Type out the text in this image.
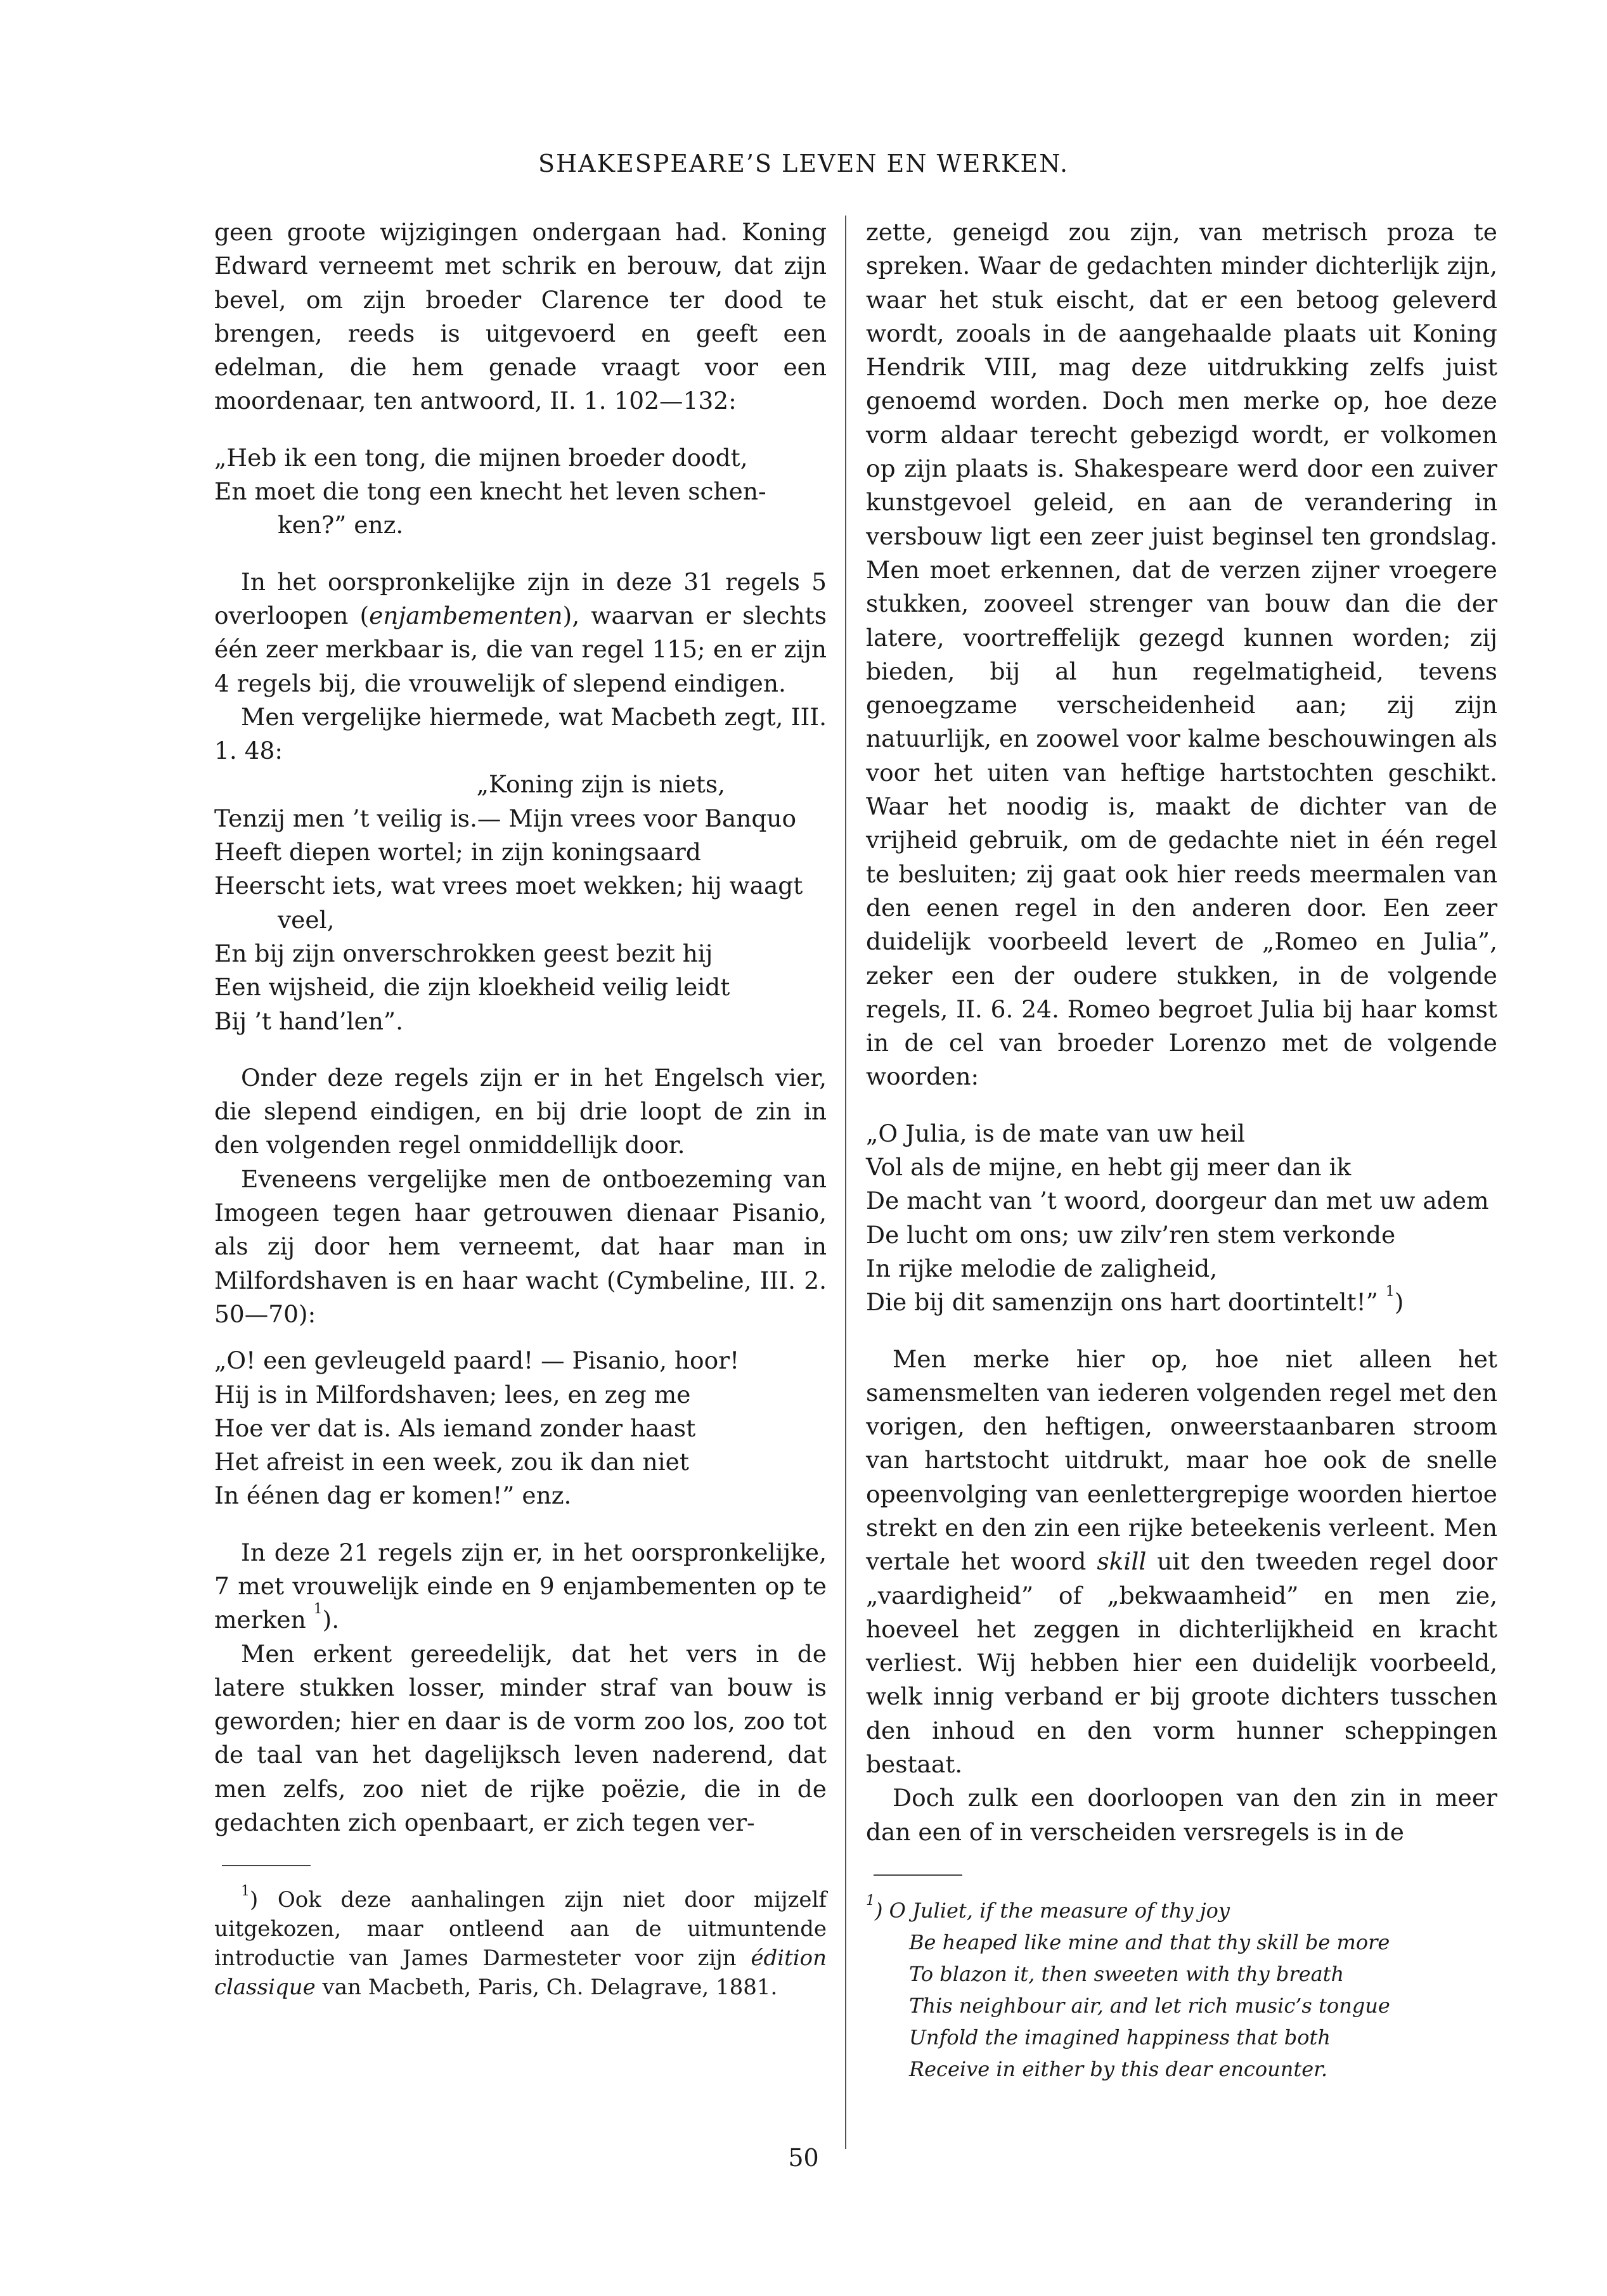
SHAKESPEARE’S LEVEN EN WERKEN.

geen groote wijzigingen ondergaan had. Koning Edward verneemt met schrik en berouw, dat zijn bevel, om zijn broeder Clarence ter dood te brengen, reeds is uitgevoerd en geeft een edelman, die hem genade vraagt voor een moordenaar, ten antwoord, II. 1. 102—132:

„Heb ik een tong, die mijnen broeder doodt,
En moet die tong een knecht het leven schen-
ken?” enz.

In het oorspronkelijke zijn in deze 31 regels 5 overloopen (enjambementen), waarvan er slechts één zeer merkbaar is, die van regel 115; en er zijn 4 regels bij, die vrouwelijk of slepend eindigen.

Men vergelijke hiermede, wat Macbeth zegt, III. 1. 48:

„Koning zijn is niets,
Tenzij men ’t veilig is.— Mijn vrees voor Banquo
Heeft diepen wortel; in zijn koningsaard
Heerscht iets, wat vrees moet wekken; hij waagt
veel,
En bij zijn onverschrokken geest bezit hij
Een wijsheid, die zijn kloekheid veilig leidt
Bij ’t hand’len”.

Onder deze regels zijn er in het Engelsch vier, die slepend eindigen, en bij drie loopt de zin in den volgenden regel onmiddellijk door.

Eveneens vergelijke men de ontboezeming van Imogeen tegen haar getrouwen dienaar Pisanio, als zij door hem verneemt, dat haar man in Milfordshaven is en haar wacht (Cymbeline, III. 2. 50—70):

„O! een gevleugeld paard! — Pisanio, hoor!
Hij is in Milfordshaven; lees, en zeg me
Hoe ver dat is. Als iemand zonder haast
Het afreist in een week, zou ik dan niet
In éénen dag er komen!” enz.

In deze 21 regels zijn er, in het oorspronkelijke, 7 met vrouwelijk einde en 9 enjambementen op te merken $^1$).

Men erkent gereedelijk, dat het vers in de latere stukken losser, minder straf van bouw is geworden; hier en daar is de vorm zoo los, zoo tot de taal van het dagelijksch leven naderend, dat men zelfs, zoo niet de rijke poëzie, die in de gedachten zich openbaart, er zich tegen ver-

$^1$) Ook deze aanhalingen zijn niet door mijzelf uitgekozen, maar ontleend aan de uitmuntende introductie van James Darmesteter voor zijn édition classique van Macbeth, Paris, Ch. Delagrave, 1881.

zette, geneigd zou zijn, van metrisch proza te spreken. Waar de gedachten minder dichterlijk zijn, waar het stuk eischt, dat er een betoog geleverd wordt, zooals in de aangehaalde plaats uit Koning Hendrik VIII, mag deze uitdrukking zelfs juist genoemd worden. Doch men merke op, hoe deze vorm aldaar terecht gebezigd wordt, er volkomen op zijn plaats is. Shakespeare werd door een zuiver kunstgevoel geleid, en aan de verandering in versbouw ligt een zeer juist beginsel ten grondslag. Men moet erkennen, dat de verzen zijner vroegere stukken, zooveel strenger van bouw dan die der latere, voortreffelijk gezegd kunnen worden; zij bieden, bij al hun regelmatigheid, tevens genoegzame verscheidenheid aan; zij zijn natuurlijk, en zoowel voor kalme beschouwingen als voor het uiten van heftige hartstochten geschikt. Waar het noodig is, maakt de dichter van de vrijheid gebruik, om de gedachte niet in één regel te besluiten; zij gaat ook hier reeds meermalen van den eenen regel in den anderen door. Een zeer duidelijk voorbeeld levert de „Romeo en Julia”, zeker een der oudere stukken, in de volgende regels, II. 6. 24. Romeo begroet Julia bij haar komst in de cel van broeder Lorenzo met de volgende woorden:

„O Julia, is de mate van uw heil
Vol als de mijne, en hebt gij meer dan ik
De macht van ’t woord, doorgeur dan met uw adem
De lucht om ons; uw zilv’ren stem verkonde
In rijke melodie de zaligheid,
Die bij dit samenzijn ons hart doortintelt!” $^1$)

Men merke hier op, hoe niet alleen het samensmelten van iederen volgenden regel met den vorigen, den heftigen, onweerstaanbaren stroom van hartstocht uitdrukt, maar hoe ook de snelle opeenvolging van eenlettergrepige woorden hiertoe strekt en den zin een rijke beteekenis verleent. Men vertale het woord skill uit den tweeden regel door „vaardigheid” of „bekwaamheid” en men zie, hoeveel het zeggen in dichterlijkheid en kracht verliest. Wij hebben hier een duidelijk voorbeeld, welk innig verband er bij groote dichters tusschen den inhoud en den vorm hunner scheppingen bestaat.

Doch zulk een doorloopen van den zin in meer dan een of in verscheiden versregels is in de

$^1$) O Juliet, if the measure of thy joy
Be heaped like mine and that thy skill be more
To blazon it, then sweeten with thy breath
This neighbour air, and let rich music’s tongue
Unfold the imagined happiness that both
Receive in either by this dear encounter.
50
